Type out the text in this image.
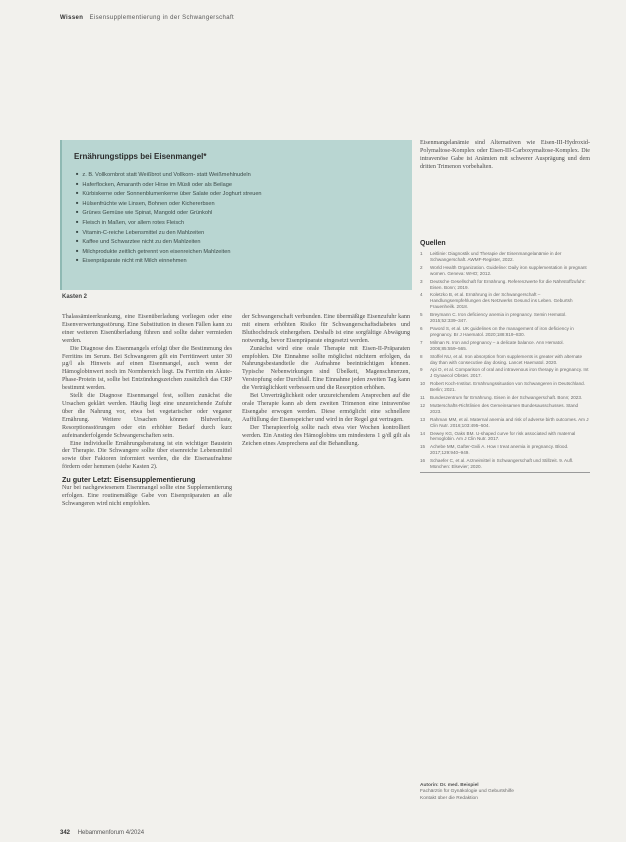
Wissen Eisensupplementierung in der Schwangerschaft
Ernährungstipps bei Eisenmangel*
■ z. B. Vollkornbrot statt Weißbrot und Vollkorn- statt Weißmehlnudeln
■ Haferflocken, Amaranth oder Hirse im Müsli oder als Beilage
■ Kürbiskerne oder Sonnenblumenkerne über Salate oder Joghurt streuen
■ Hülsenfrüchte wie Linsen, Bohnen oder Kichererbsen
■ Grünes Gemüse wie Spinat, Mangold oder Grünkohl
■ Fleisch in Maßen, vor allem rotes Fleisch
■ Vitamin-C-reiche Lebensmittel zu den Mahlzeiten
■ Kaffee und Schwarztee nicht zu den Mahlzeiten
■ Milchprodukte zeitlich getrennt von eisenreichen Mahlzeiten
■ Eisenpräparate nicht mit Milch einnehmen
Kasten 2

Thalassämieerkrankung, eine Eisenüberladung vorliegen oder eine Eisenverwertungsstörung. Eine Substitution in diesen Fällen kann zu einer weiteren Eisenüberladung führen und sollte daher vermieden werden.

Die Diagnose des Eisenmangels erfolgt über die Bestimmung des Ferritins im Serum. Bei Schwangeren gilt ein Ferritinwert unter 30 µg/l als Hinweis auf einen Eisenmangel, auch wenn der Hämoglobinwert noch im Normbereich liegt. Da Ferritin ein Akute-Phase-Protein ist, sollte bei Entzündungszeichen zusätzlich das CRP bestimmt werden.

Stellt die Diagnose Eisenmangel fest, sollten zunächst die Ursachen geklärt werden. Häufig liegt eine unzureichende Zufuhr über die Nahrung vor, etwa bei vegetarischer oder veganer Ernährung. Weitere Ursachen können Blutverluste, Resorptionsstörungen oder ein erhöhter Bedarf durch kurz aufeinanderfolgende Schwangerschaften sein.

Eine individuelle Ernährungsberatung ist ein wichtiger Baustein der Therapie. Die Schwangere sollte über eisenreiche Lebensmittel sowie über Faktoren informiert werden, die die Eisenaufnahme fördern oder hemmen (siehe Kasten 2).

Zu guter Letzt: Eisensupplementierung

Nur bei nachgewiesenem Eisenmangel sollte eine Supplementierung erfolgen. Eine routinemäßige Gabe von Eisenpräparaten an alle Schwangeren wird nicht empfohlen.

der Schwangerschaft verbunden. Eine übermäßige Eisenzufuhr kann mit einem erhöhten Risiko für Schwangerschaftsdiabetes und Bluthochdruck einhergehen. Deshalb ist eine sorgfältige Abwägung notwendig, bevor Eisenpräparate eingesetzt werden.

Zunächst wird eine orale Therapie mit Eisen-II-Präparaten empfohlen. Die Einnahme sollte möglichst nüchtern erfolgen, da Nahrungsbestandteile die Aufnahme beeinträchtigen können. Typische Nebenwirkungen sind Übelkeit, Magenschmerzen, Verstopfung oder Durchfall. Eine Einnahme jeden zweiten Tag kann die Verträglichkeit verbessern und die Resorption erhöhen.

Bei Unverträglichkeit oder unzureichendem Ansprechen auf die orale Therapie kann ab dem zweiten Trimenon eine intravenöse Eisengabe erwogen werden. Diese ermöglicht eine schnellere Auffüllung der Eisenspeicher und wird in der Regel gut vertragen.

Der Therapieerfolg sollte nach etwa vier Wochen kontrolliert werden. Ein Anstieg des Hämoglobins um mindestens 1 g/dl gilt als Zeichen eines Ansprechens auf die Behandlung.

Eisenmangelanämie sind Alternativen wie Eisen-III-Hydroxid-Polymaltose-Komplex oder Eisen-III-Carboxymaltose-Komplex. Die intravenöse Gabe ist Anämien mit schwerer Ausprägung und dem dritten Trimenon vorbehalten.

Quellen
1 Leitlinie: Diagnostik und Therapie der Eisenmangelanämie in der Schwangerschaft. AWMF-Register, 2022.
2 World Health Organization. Guideline: Daily iron supplementation in pregnant women. Geneva: WHO; 2012.
3 Deutsche Gesellschaft für Ernährung. Referenzwerte für die Nährstoffzufuhr: Eisen. Bonn; 2019.
4 Koletzko B, et al. Ernährung in der Schwangerschaft – Handlungsempfehlungen des Netzwerks Gesund ins Leben. Geburtsh Frauenheilk. 2018.
5 Breymann C. Iron deficiency anemia in pregnancy. Semin Hematol. 2015;52:339–347.
6 Pavord S, et al. UK guidelines on the management of iron deficiency in pregnancy. Br J Haematol. 2020;188:819–830.
7 Milman N. Iron and pregnancy – a delicate balance. Ann Hematol. 2006;85:559–565.
8 Stoffel NU, et al. Iron absorption from supplements is greater with alternate day than with consecutive day dosing. Lancet Haematol. 2020.
9 Api O, et al. Comparison of oral and intravenous iron therapy in pregnancy. Int J Gynaecol Obstet. 2017.
10 Robert Koch-Institut. Ernährungssituation von Schwangeren in Deutschland. Berlin; 2021.
11 Bundeszentrum für Ernährung. Eisen in der Schwangerschaft. Bonn; 2023.
12 Mutterschafts-Richtlinien des Gemeinsamen Bundesausschusses. Stand 2023.
13 Rahman MM, et al. Maternal anemia and risk of adverse birth outcomes. Am J Clin Nutr. 2016;103:495–504.
14 Dewey KG, Oaks BM. U-shaped curve for risk associated with maternal hemoglobin. Am J Clin Nutr. 2017.
15 Achebe MM, Gafter-Gvili A. How I treat anemia in pregnancy. Blood. 2017;129:940–949.
16 Schaefer C, et al. Arzneimittel in Schwangerschaft und Stillzeit. 9. Aufl. München: Elsevier; 2020.
Autorin: Dr. med. Beispiel
Fachärztin für Gynäkologie und Geburtshilfe
Kontakt über die Redaktion
342 Hebammenforum 4/2024
